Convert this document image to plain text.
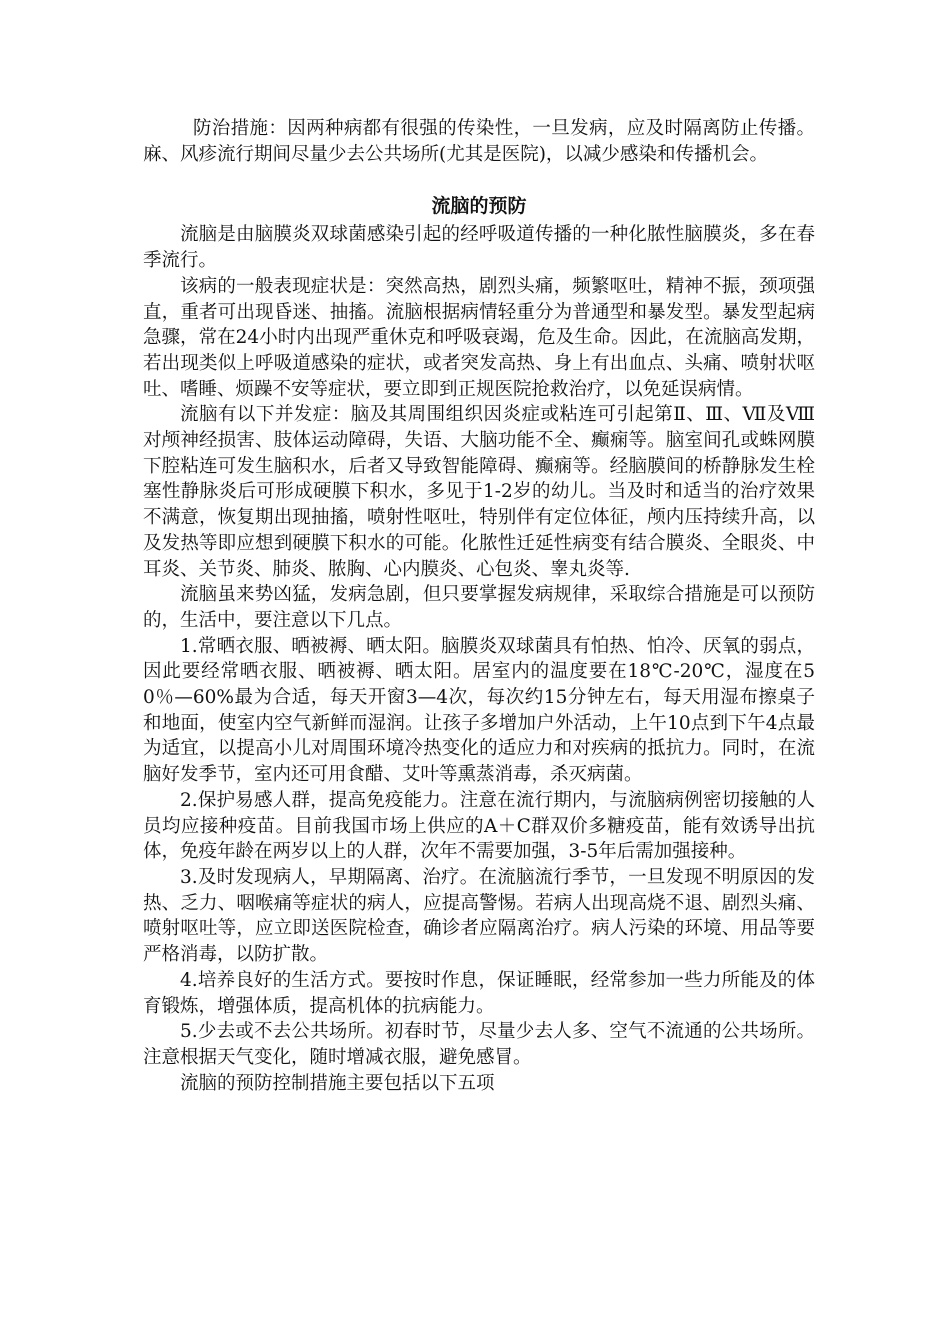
防治措施：因两种病都有很强的传染性，一旦发病，应及时隔离防止传播。麻、风疹流行期间尽量少去公共场所(尤其是医院)，以减少感染和传播机会。

流脑的预防

流脑是由脑膜炎双球菌感染引起的经呼吸道传播的一种化脓性脑膜炎，多在春季流行。

该病的一般表现症状是：突然高热，剧烈头痛，频繁呕吐，精神不振，颈项强直，重者可出现昏迷、抽搐。流脑根据病情轻重分为普通型和暴发型。暴发型起病急骤，常在24小时内出现严重休克和呼吸衰竭，危及生命。因此，在流脑高发期，若出现类似上呼吸道感染的症状，或者突发高热、身上有出血点、头痛、喷射状呕吐、嗜睡、烦躁不安等症状，要立即到正规医院抢救治疗，以免延误病情。

流脑有以下并发症：脑及其周围组织因炎症或粘连可引起第Ⅱ、Ⅲ、Ⅶ及Ⅷ对颅神经损害、肢体运动障碍，失语、大脑功能不全、癫痫等。脑室间孔或蛛网膜下腔粘连可发生脑积水，后者又导致智能障碍、癫痫等。经脑膜间的桥静脉发生栓塞性静脉炎后可形成硬膜下积水，多见于1-2岁的幼儿。当及时和适当的治疗效果不满意，恢复期出现抽搐，喷射性呕吐，特别伴有定位体征，颅内压持续升高，以及发热等即应想到硬膜下积水的可能。化脓性迁延性病变有结合膜炎、全眼炎、中耳炎、关节炎、肺炎、脓胸、心内膜炎、心包炎、睾丸炎等.

流脑虽来势凶猛，发病急剧，但只要掌握发病规律，采取综合措施是可以预防的，生活中，要注意以下几点。

1.常晒衣服、晒被褥、晒太阳。脑膜炎双球菌具有怕热、怕冷、厌氧的弱点，因此要经常晒衣服、晒被褥、晒太阳。居室内的温度要在18℃-20℃，湿度在50％—60%最为合适，每天开窗3—4次，每次约15分钟左右，每天用湿布擦桌子和地面，使室内空气新鲜而湿润。让孩子多增加户外活动，上午10点到下午4点最为适宜，以提高小儿对周围环境冷热变化的适应力和对疾病的抵抗力。同时，在流脑好发季节，室内还可用食醋、艾叶等熏蒸消毒，杀灭病菌。

2.保护易感人群，提高免疫能力。注意在流行期内，与流脑病例密切接触的人员均应接种疫苗。目前我国市场上供应的A＋C群双价多糖疫苗，能有效诱导出抗体，免疫年龄在两岁以上的人群，次年不需要加强，3-5年后需加强接种。

3.及时发现病人，早期隔离、治疗。在流脑流行季节，一旦发现不明原因的发热、乏力、咽喉痛等症状的病人，应提高警惕。若病人出现高烧不退、剧烈头痛、喷射呕吐等，应立即送医院检查，确诊者应隔离治疗。病人污染的环境、用品等要严格消毒，以防扩散。

4.培养良好的生活方式。要按时作息，保证睡眠，经常参加一些力所能及的体育锻炼，增强体质，提高机体的抗病能力。

5.少去或不去公共场所。初春时节，尽量少去人多、空气不流通的公共场所。注意根据天气变化，随时增减衣服，避免感冒。

流脑的预防控制措施主要包括以下五项
